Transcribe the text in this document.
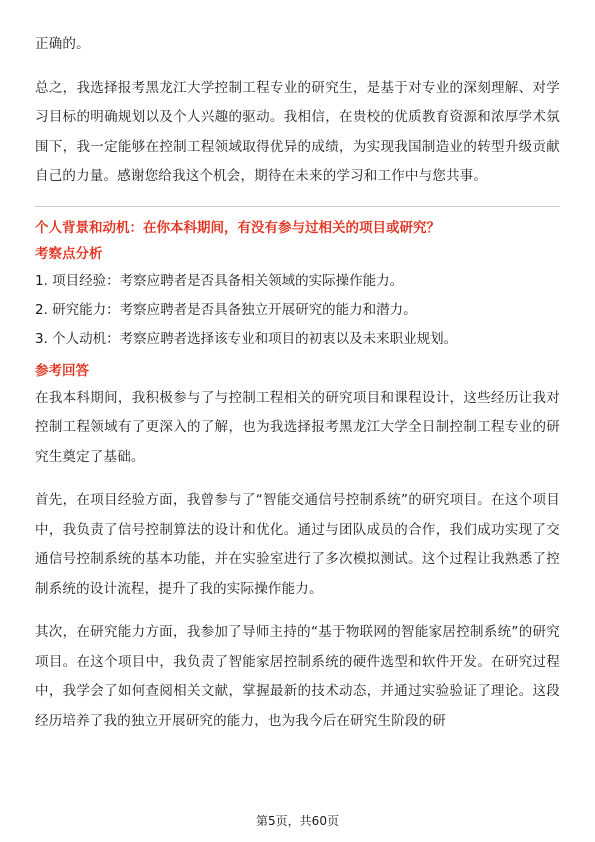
正确的。

总之，我选择报考黑龙江大学控制工程专业的研究生，是基于对专业的深刻理解、对学习目标的明确规划以及个人兴趣的驱动。我相信，在贵校的优质教育资源和浓厚学术氛围下，我一定能够在控制工程领域取得优异的成绩，为实现我国制造业的转型升级贡献自己的力量。感谢您给我这个机会，期待在未来的学习和工作中与您共事。

个人背景和动机：在你本科期间，有没有参与过相关的项目或研究？

考察点分析

1. 项目经验：考察应聘者是否具备相关领域的实际操作能力。

2. 研究能力：考察应聘者是否具备独立开展研究的能力和潜力。

3. 个人动机：考察应聘者选择该专业和项目的初衷以及未来职业规划。

参考回答

在我本科期间，我积极参与了与控制工程相关的研究项目和课程设计，这些经历让我对控制工程领域有了更深入的了解，也为我选择报考黑龙江大学全日制控制工程专业的研究生奠定了基础。

首先，在项目经验方面，我曾参与了“智能交通信号控制系统”的研究项目。在这个项目中，我负责了信号控制算法的设计和优化。通过与团队成员的合作，我们成功实现了交通信号控制系统的基本功能，并在实验室进行了多次模拟测试。这个过程让我熟悉了控制系统的设计流程，提升了我的实际操作能力。

其次，在研究能力方面，我参加了导师主持的“基于物联网的智能家居控制系统”的研究项目。在这个项目中，我负责了智能家居控制系统的硬件选型和软件开发。在研究过程中，我学会了如何查阅相关文献，掌握最新的技术动态，并通过实验验证了理论。这段经历培养了我的独立开展研究的能力，也为我今后在研究生阶段的研

第5页，共60页
